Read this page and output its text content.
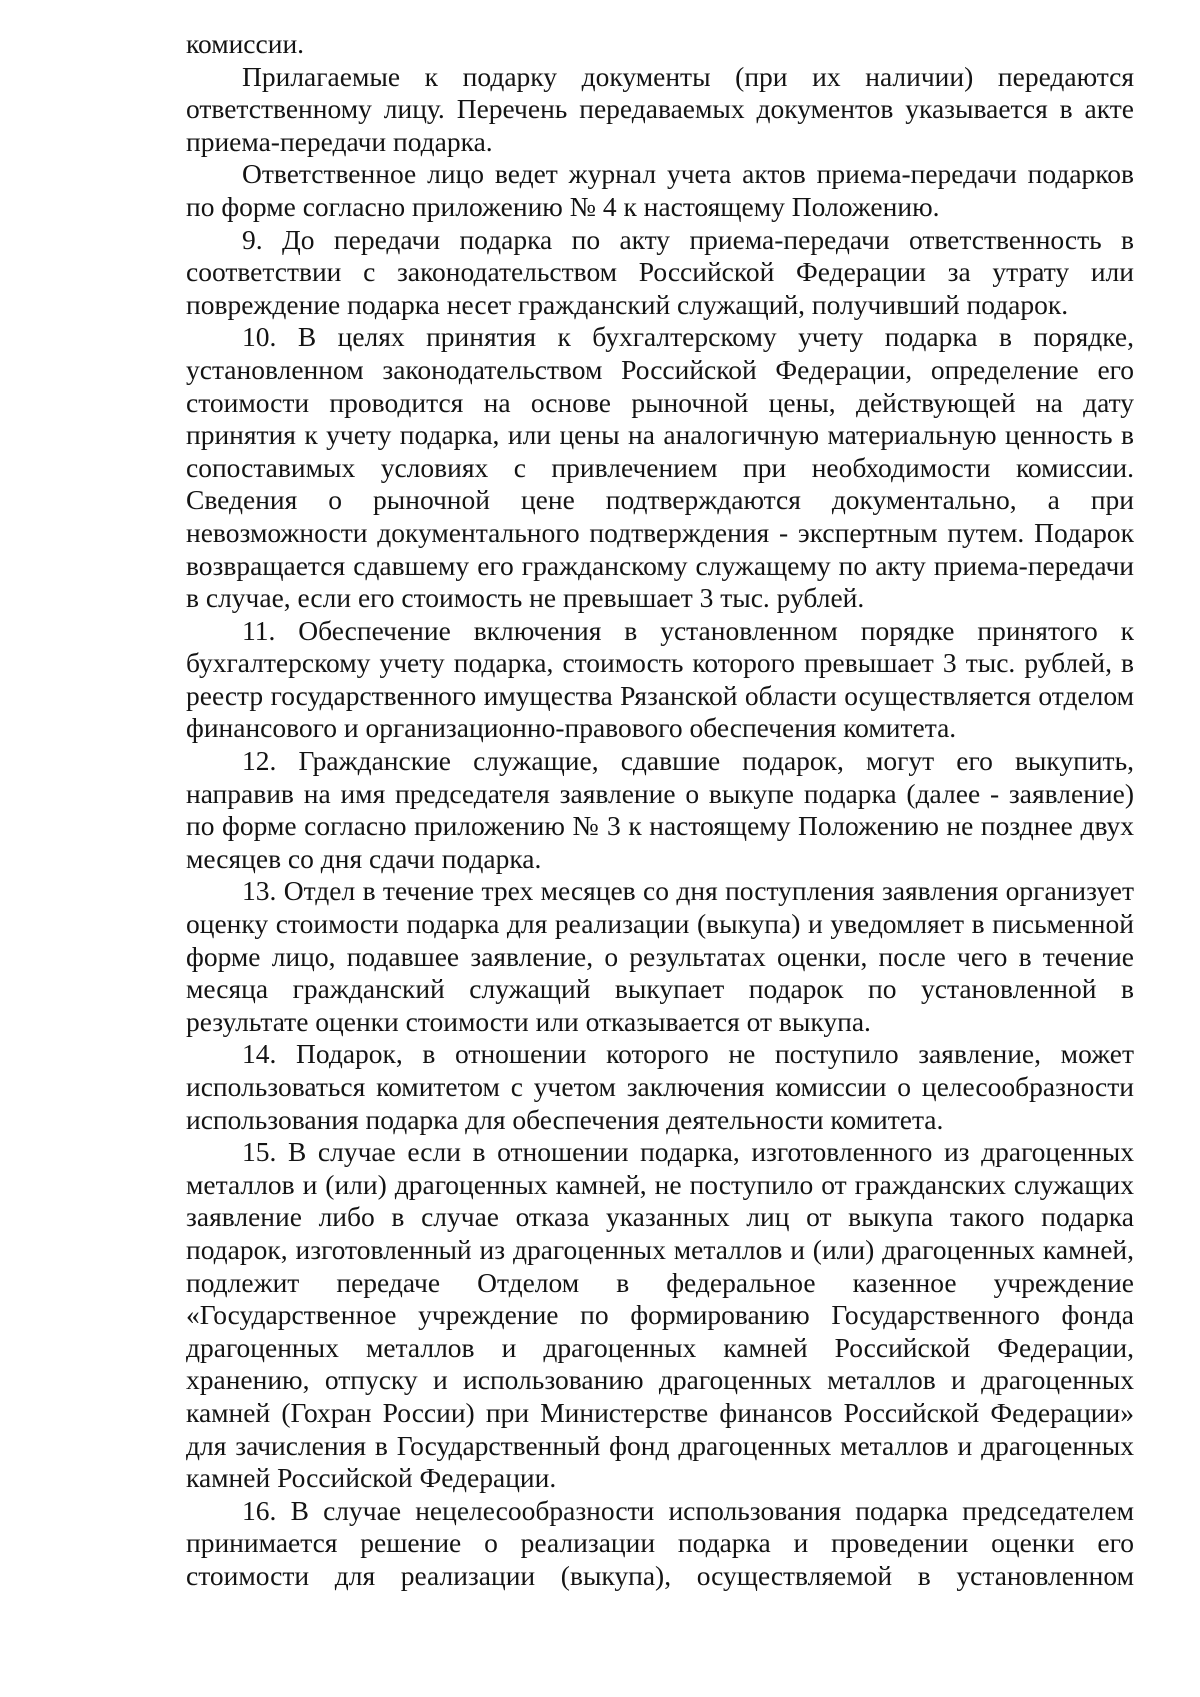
комиссии.

Прилагаемые к подарку документы (при их наличии) передаются ответственному лицу. Перечень передаваемых документов указывается в акте приема-передачи подарка.

Ответственное лицо ведет журнал учета актов приема-передачи подарков по форме согласно приложению № 4 к настоящему Положению.

9. До передачи подарка по акту приема-передачи ответственность в соответствии с законодательством Российской Федерации за утрату или повреждение подарка несет гражданский служащий, получивший подарок.

10. В целях принятия к бухгалтерскому учету подарка в порядке, установленном законодательством Российской Федерации, определение его стоимости проводится на основе рыночной цены, действующей на дату принятия к учету подарка, или цены на аналогичную материальную ценность в сопоставимых условиях с привлечением при необходимости комиссии. Сведения о рыночной цене подтверждаются документально, а при невозможности документального подтверждения - экспертным путем. Подарок возвращается сдавшему его гражданскому служащему по акту приема-передачи в случае, если его стоимость не превышает 3 тыс. рублей.

11. Обеспечение включения в установленном порядке принятого к бухгалтерскому учету подарка, стоимость которого превышает 3 тыс. рублей, в реестр государственного имущества Рязанской области осуществляется отделом финансового и организационно-правового обеспечения комитета.

12. Гражданские служащие, сдавшие подарок, могут его выкупить, направив на имя председателя заявление о выкупе подарка (далее - заявление) по форме согласно приложению № 3 к настоящему Положению не позднее двух месяцев со дня сдачи подарка.

13. Отдел в течение трех месяцев со дня поступления заявления организует оценку стоимости подарка для реализации (выкупа) и уведомляет в письменной форме лицо, подавшее заявление, о результатах оценки, после чего в течение месяца гражданский служащий выкупает подарок по установленной в результате оценки стоимости или отказывается от выкупа.

14. Подарок, в отношении которого не поступило заявление, может использоваться комитетом с учетом заключения комиссии о целесообразности использования подарка для обеспечения деятельности комитета.

15. В случае если в отношении подарка, изготовленного из драгоценных металлов и (или) драгоценных камней, не поступило от гражданских служащих заявление либо в случае отказа указанных лиц от выкупа такого подарка подарок, изготовленный из драгоценных металлов и (или) драгоценных камней, подлежит передаче Отделом в федеральное казенное учреждение «Государственное учреждение по формированию Государственного фонда драгоценных металлов и драгоценных камней Российской Федерации, хранению, отпуску и использованию драгоценных металлов и драгоценных камней (Гохран России) при Министерстве финансов Российской Федерации» для зачисления в Государственный фонд драгоценных металлов и драгоценных камней Российской Федерации.

16. В случае нецелесообразности использования подарка председателем принимается решение о реализации подарка и проведении оценки его стоимости для реализации (выкупа), осуществляемой в установленном
